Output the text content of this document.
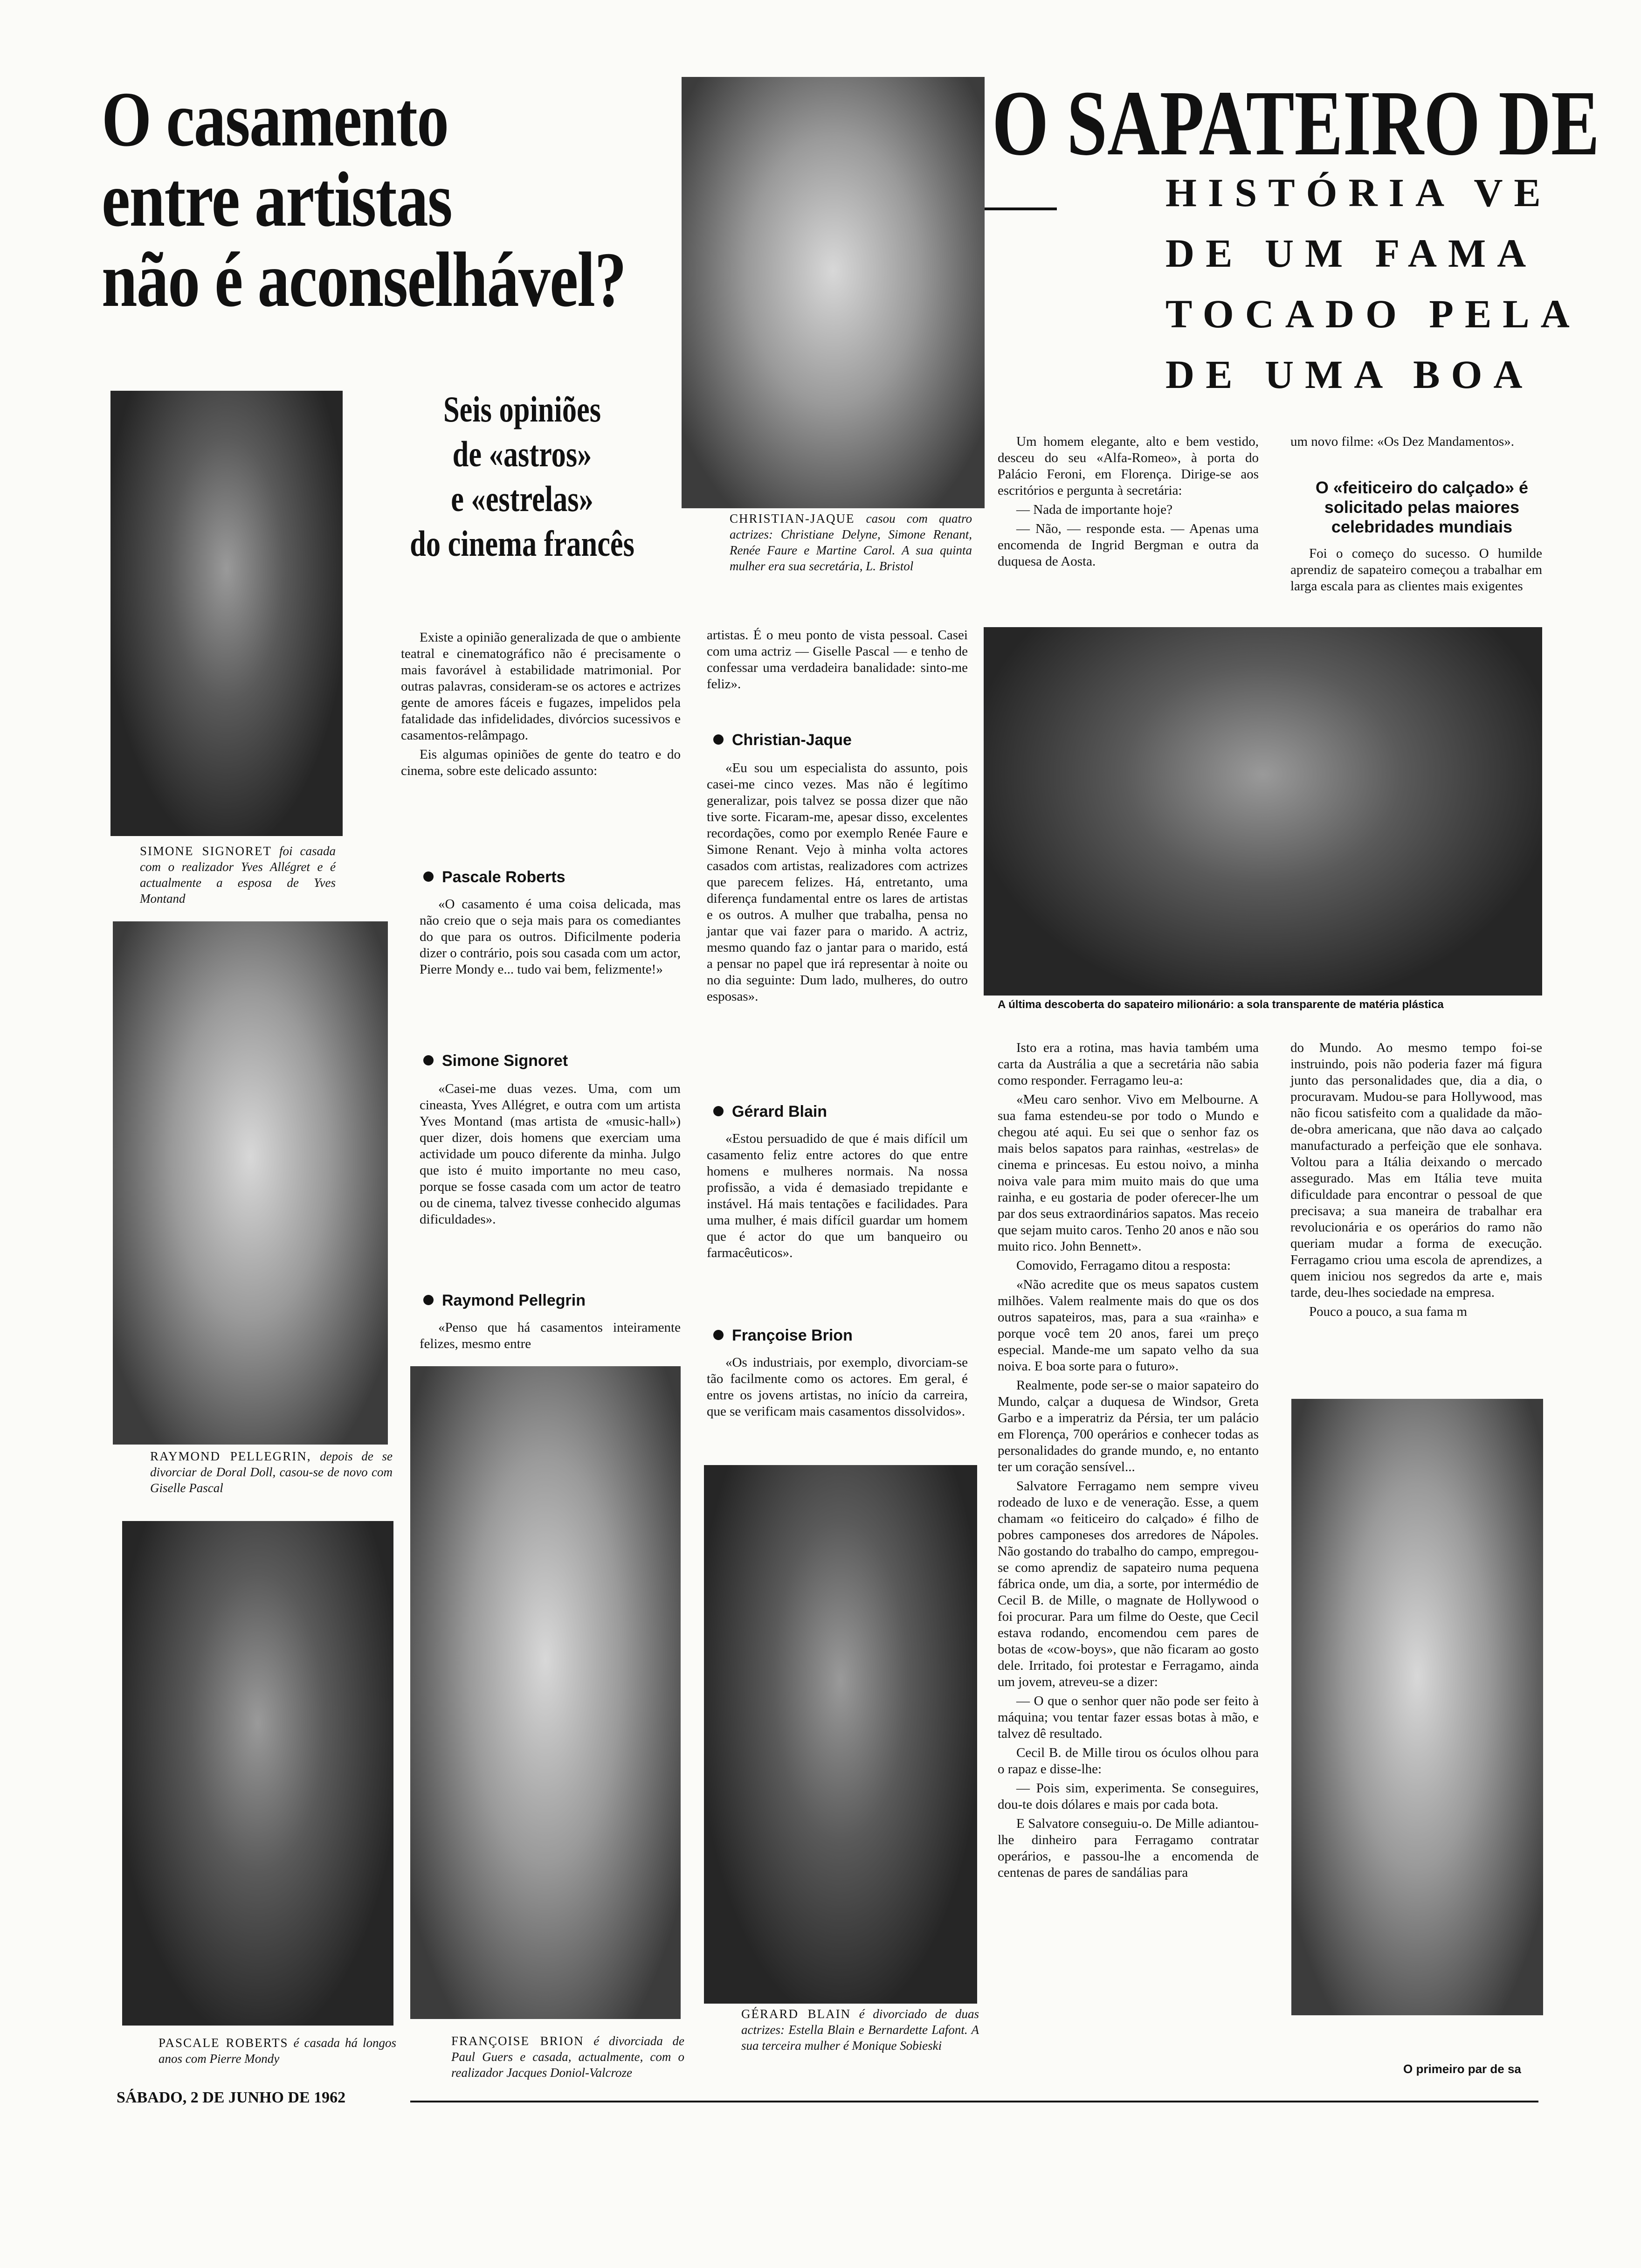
O casamento
entre artistas
não é aconselhável?
Seis opiniões
de «astros»
e «estrelas»
do cinema francês
SIMONE SIGNORET foi casada com o realizador Yves Allégret e é actualmente a esposa de Yves Montand
RAYMOND PELLEGRIN, depois de se divorciar de Doral Doll, casou-se de novo com Giselle Pascal
PASCALE ROBERTS é casada há longos anos com Pierre Mondy
FRANÇOISE BRION é divorciada de Paul Guers e casada, actualmente, com o realizador Jacques Doniol-Valcroze
GÉRARD BLAIN é divorciado de duas actrizes: Estella Blain e Bernardette Lafont. A sua terceira mulher é Monique Sobieski
CHRISTIAN-JAQUE casou com quatro actrizes: Christiane Delyne, Simone Renant, Renée Faure e Martine Carol. A sua quinta mulher era sua secretária, L. Bristol

Existe a opinião generalizada de que o ambiente teatral e cinematográfico não é precisamente o mais favorável à estabilidade matrimonial. Por outras palavras, consideram-se os actores e actrizes gente de amores fáceis e fugazes, impelidos pela fatalidade das infidelidades, divórcios sucessivos e casamentos-relâmpago.

Eis algumas opiniões de gente do teatro e do cinema, sobre este delicado assunto:

Pascale Roberts

«O casamento é uma coisa delicada, mas não creio que o seja mais para os comediantes do que para os outros. Dificilmente poderia dizer o contrário, pois sou casada com um actor, Pierre Mondy e... tudo vai bem, felizmente!»

Simone Signoret

«Casei-me duas vezes. Uma, com um cineasta, Yves Allégret, e outra com um artista Yves Montand (mas artista de «music-hall») quer dizer, dois homens que exerciam uma actividade um pouco diferente da minha. Julgo que isto é muito importante no meu caso, porque se fosse casada com um actor de teatro ou de cinema, talvez tivesse conhecido algumas dificuldades».

Raymond Pellegrin

«Penso que há casamentos inteiramente felizes, mesmo entre

artistas. É o meu ponto de vista pessoal. Casei com uma actriz — Giselle Pascal — e tenho de confessar uma verdadeira banalidade: sinto-me feliz».

Christian-Jaque

«Eu sou um especialista do assunto, pois casei-me cinco vezes. Mas não é legítimo generalizar, pois talvez se possa dizer que não tive sorte. Ficaram-me, apesar disso, excelentes recordações, como por exemplo Renée Faure e Simone Renant. Vejo à minha volta actores casados com artistas, realizadores com actrizes que parecem felizes. Há, entretanto, uma diferença fundamental entre os lares de artistas e os outros. A mulher que trabalha, pensa no jantar que vai fazer para o marido. A actriz, mesmo quando faz o jantar para o marido, está a pensar no papel que irá representar à noite ou no dia seguinte: Dum lado, mulheres, do outro esposas».

Gérard Blain

«Estou persuadido de que é mais difícil um casamento feliz entre actores do que entre homens e mulheres normais. Na nossa profissão, a vida é demasiado trepidante e instável. Há mais tentações e facilidades. Para uma mulher, é mais difícil guardar um homem que é actor do que um banqueiro ou farmacêuticos».

Françoise Brion

«Os industriais, por exemplo, divorciam-se tão facilmente como os actores. Em geral, é entre os jovens artistas, no início da carreira, que se verificam mais casamentos dissolvidos».

O SAPATEIRO DE
HISTÓRIA VE
DE UM FAMA
TOCADO PELA
DE UMA BOA

Um homem elegante, alto e bem vestido, desceu do seu «Alfa-Romeo», à porta do Palácio Feroni, em Florença. Dirige-se aos escritórios e pergunta à secretária:

— Nada de importante hoje?

— Não, — responde esta. — Apenas uma encomenda de Ingrid Bergman e outra da duquesa de Aosta.

um novo filme: «Os Dez Mandamentos».

O «feiticeiro do calçado» é solicitado pelas maiores celebridades mundiais

Foi o começo do sucesso. O humilde aprendiz de sapateiro começou a trabalhar em larga escala para as clientes mais exigentes

A última descoberta do sapateiro milionário: a sola transparente de matéria plástica

Isto era a rotina, mas havia também uma carta da Austrália a que a secretária não sabia como responder. Ferragamo leu-a:

«Meu caro senhor. Vivo em Melbourne. A sua fama estendeu-se por todo o Mundo e chegou até aqui. Eu sei que o senhor faz os mais belos sapatos para rainhas, «estrelas» de cinema e princesas. Eu estou noivo, a minha noiva vale para mim muito mais do que uma rainha, e eu gostaria de poder oferecer-lhe um par dos seus extraordinários sapatos. Mas receio que sejam muito caros. Tenho 20 anos e não sou muito rico. John Bennett».

Comovido, Ferragamo ditou a resposta:

«Não acredite que os meus sapatos custem milhões. Valem realmente mais do que os dos outros sapateiros, mas, para a sua «rainha» e porque você tem 20 anos, farei um preço especial. Mande-me um sapato velho da sua noiva. E boa sorte para o futuro».

Realmente, pode ser-se o maior sapateiro do Mundo, calçar a duquesa de Windsor, Greta Garbo e a imperatriz da Pérsia, ter um palácio em Florença, 700 operários e conhecer todas as personalidades do grande mundo, e, no entanto ter um coração sensível...

Salvatore Ferragamo nem sempre viveu rodeado de luxo e de veneração. Esse, a quem chamam «o feiticeiro do calçado» é filho de pobres camponeses dos arredores de Nápoles. Não gostando do trabalho do campo, empregou-se como aprendiz de sapateiro numa pequena fábrica onde, um dia, a sorte, por intermédio de Cecil B. de Mille, o magnate de Hollywood o foi procurar. Para um filme do Oeste, que Cecil estava rodando, encomendou cem pares de botas de «cow-boys», que não ficaram ao gosto dele. Irritado, foi protestar e Ferragamo, ainda um jovem, atreveu-se a dizer:

— O que o senhor quer não pode ser feito à máquina; vou tentar fazer essas botas à mão, e talvez dê resultado.

Cecil B. de Mille tirou os óculos olhou para o rapaz e disse-lhe:

— Pois sim, experimenta. Se conseguires, dou-te dois dólares e mais por cada bota.

E Salvatore conseguiu-o. De Mille adiantou-lhe dinheiro para Ferragamo contratar operários, e passou-lhe a encomenda de centenas de pares de sandálias para

do Mundo. Ao mesmo tempo foi-se instruindo, pois não poderia fazer má figura junto das personalidades que, dia a dia, o procuravam. Mudou-se para Hollywood, mas não ficou satisfeito com a qualidade da mão-de-obra americana, que não dava ao calçado manufacturado a perfeição que ele sonhava. Voltou para a Itália deixando o mercado assegurado. Mas em Itália teve muita dificuldade para encontrar o pessoal de que precisava; a sua maneira de trabalhar era revolucionária e os operários do ramo não queriam mudar a forma de execução. Ferragamo criou uma escola de aprendizes, a quem iniciou nos segredos da arte e, mais tarde, deu-lhes sociedade na empresa.

Pouco a pouco, a sua fama m

O primeiro par de sa
SÁBADO, 2 DE JUNHO DE 1962
